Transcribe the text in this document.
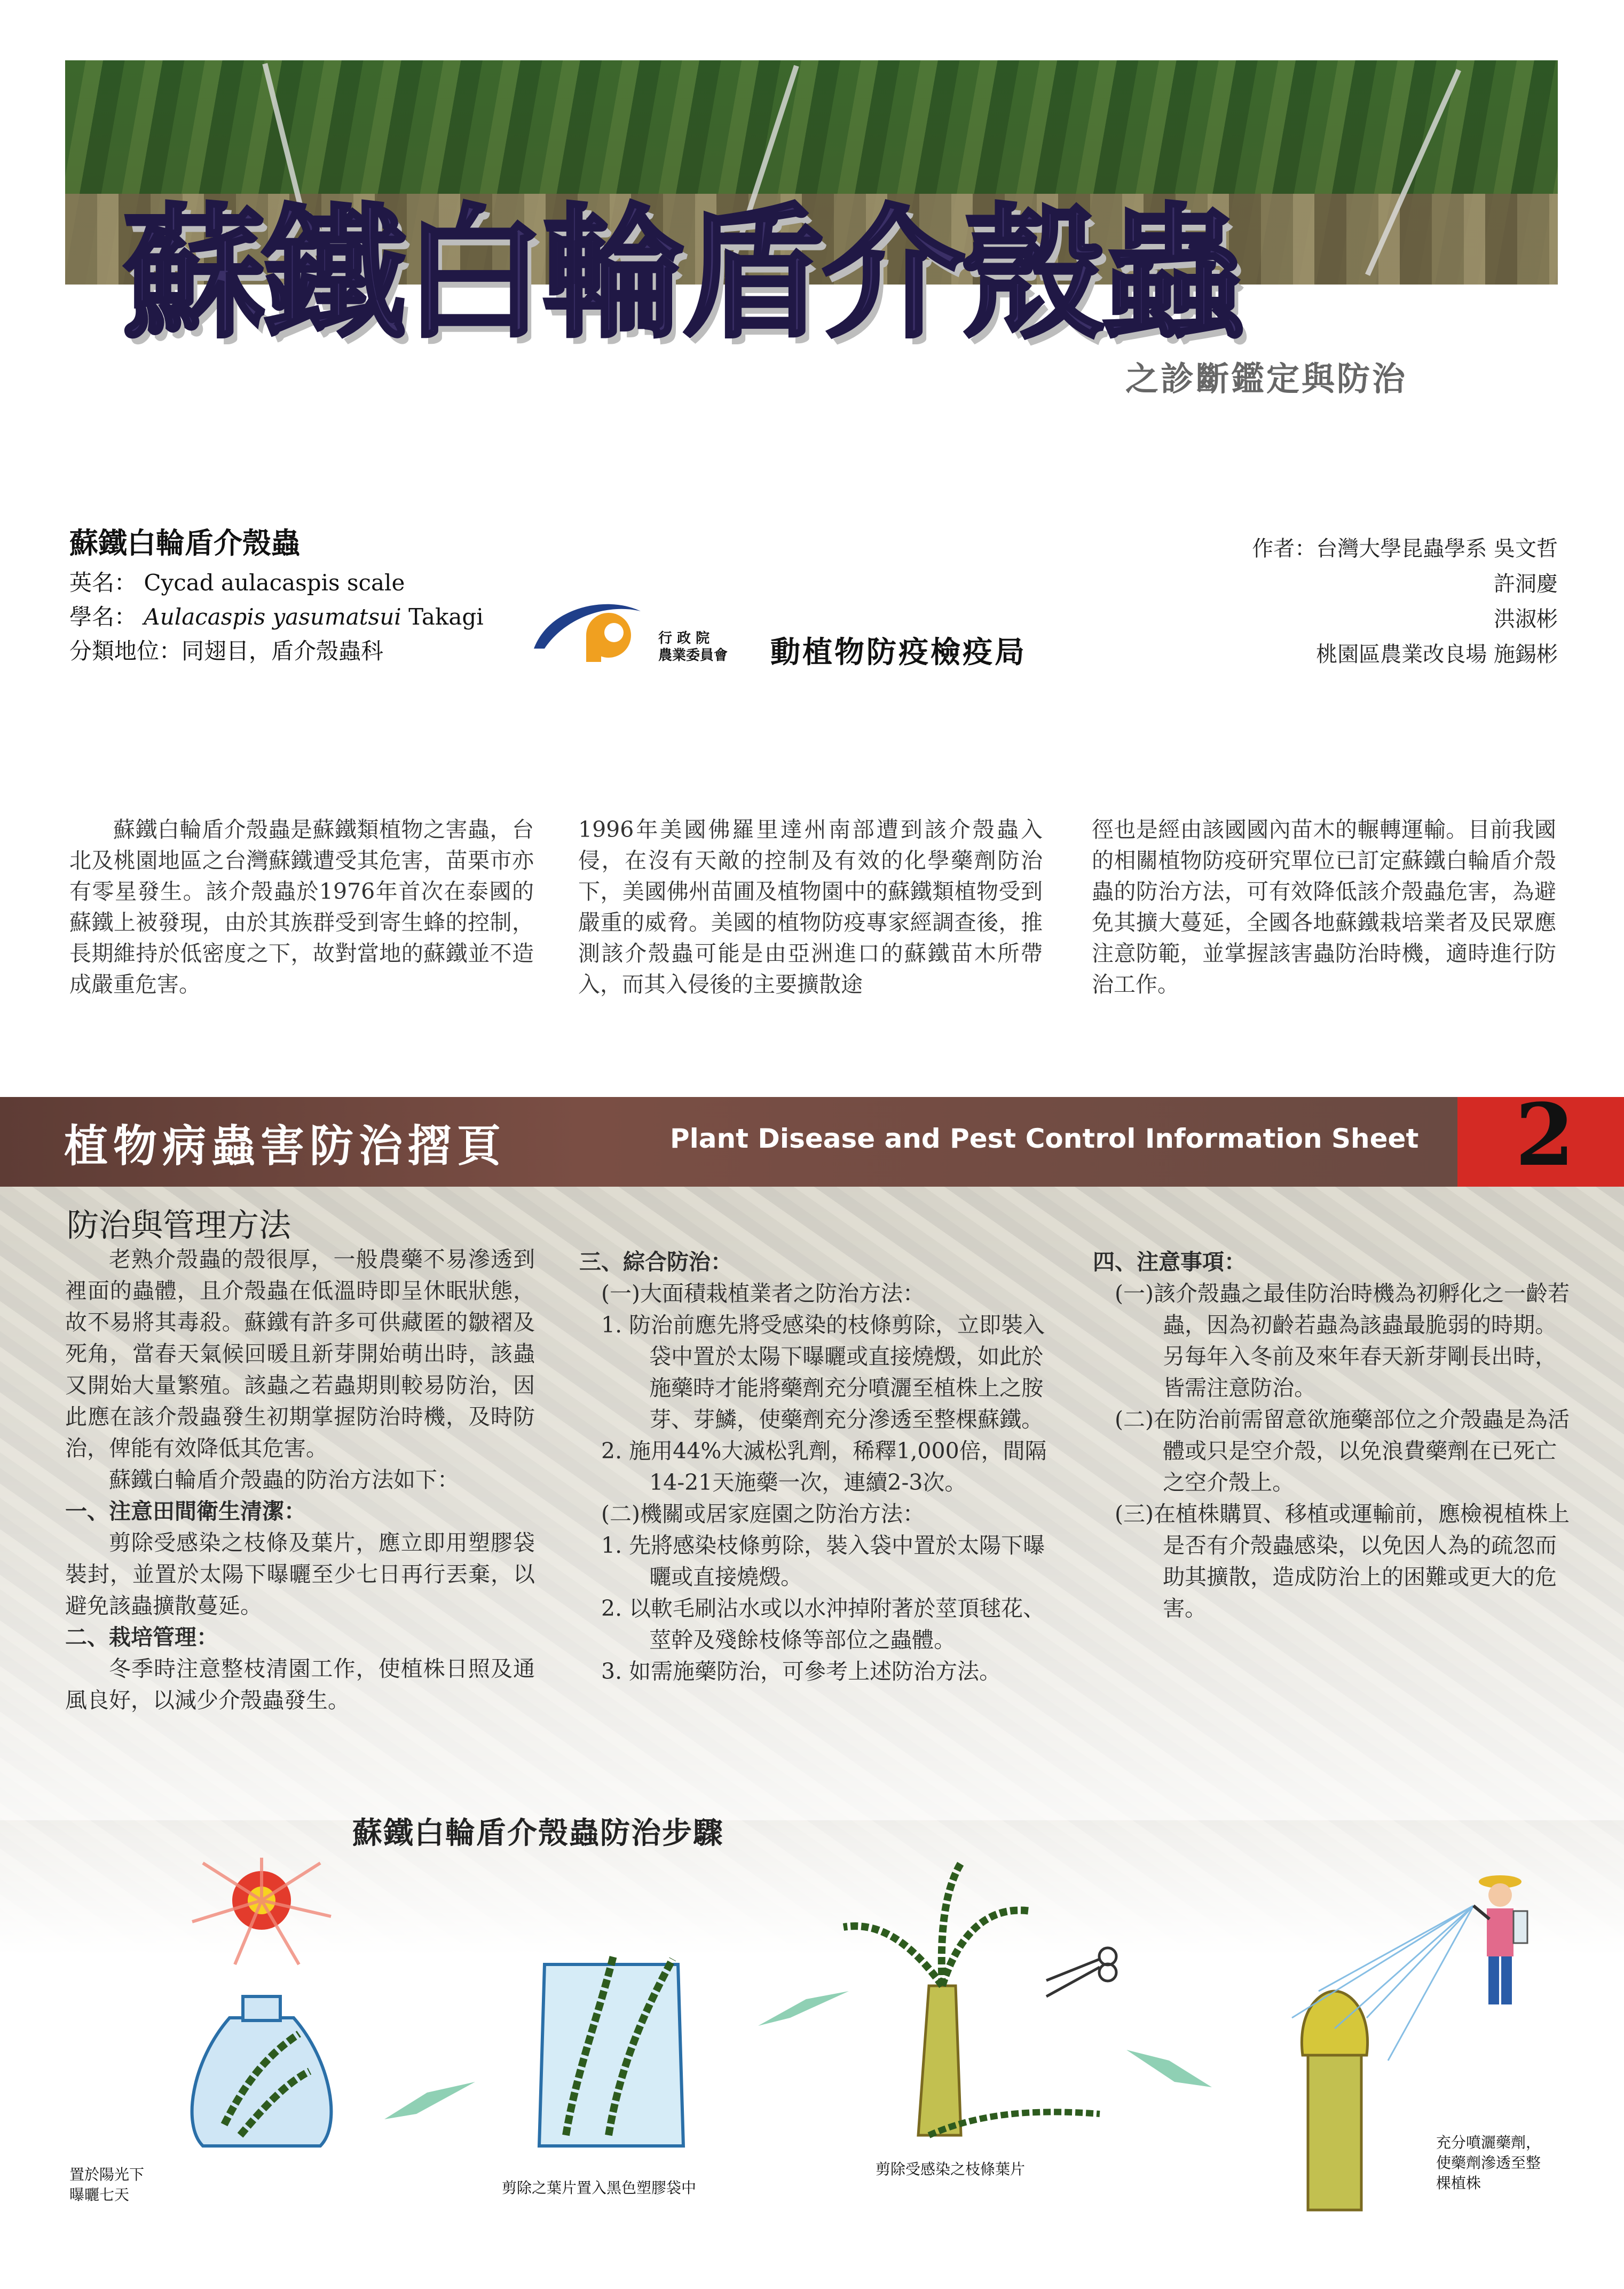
蘇鐵白輪盾介殼蟲
之診斷鑑定與防治
蘇鐵白輪盾介殼蟲
英名： Cycad aulacaspis scale
學名： Aulacaspis yasumatsui Takagi
分類地位：同翅目，盾介殼蟲科	行 政 院
農業委員會 動植物防疫檢疫局
作者：台灣大學昆蟲學系 吳文哲
許洞慶
洪淑彬
桃園區農業改良場 施錫彬
蘇鐵白輪盾介殼蟲是蘇鐵類植物之害蟲，台北及桃園地區之台灣蘇鐵遭受其危害，苗栗市亦有零星發生。該介殼蟲於1976年首次在泰國的蘇鐵上被發現，由於其族群受到寄生蜂的控制，長期維持於低密度之下，故對當地的蘇鐵並不造成嚴重危害。
1996年美國佛羅里達州南部遭到該介殼蟲入侵，在沒有天敵的控制及有效的化學藥劑防治下，美國佛州苗圃及植物園中的蘇鐵類植物受到嚴重的威脅。美國的植物防疫專家經調查後，推測該介殼蟲可能是由亞洲進口的蘇鐵苗木所帶入，而其入侵後的主要擴散途
徑也是經由該國國內苗木的輾轉運輸。目前我國的相關植物防疫研究單位已訂定蘇鐵白輪盾介殼蟲的防治方法，可有效降低該介殼蟲危害，為避免其擴大蔓延，全國各地蘇鐵栽培業者及民眾應注意防範，並掌握該害蟲防治時機，適時進行防治工作。
植物病蟲害防治摺頁	Plant Disease and Pest Control Information Sheet 2
防治與管理方法

老熟介殼蟲的殼很厚，一般農藥不易滲透到裡面的蟲體，且介殼蟲在低溫時即呈休眠狀態，故不易將其毒殺。蘇鐵有許多可供藏匿的皺褶及死角，當春天氣候回暖且新芽開始萌出時，該蟲又開始大量繁殖。該蟲之若蟲期則較易防治，因此應在該介殼蟲發生初期掌握防治時機，及時防治，俾能有效降低其危害。

蘇鐵白輪盾介殼蟲的防治方法如下：

一、注意田間衛生清潔：

剪除受感染之枝條及葉片，應立即用塑膠袋裝封，並置於太陽下曝曬至少七日再行丟棄，以避免該蟲擴散蔓延。

二、栽培管理：

冬季時注意整枝清園工作，使植株日照及通風良好，以減少介殼蟲發生。

三、綜合防治：

(一)大面積栽植業者之防治方法：

1. 防治前應先將受感染的枝條剪除，立即裝入袋中置於太陽下曝曬或直接燒燬，如此於施藥時才能將藥劑充分噴灑至植株上之胺芽、芽鱗，使藥劑充分滲透至整棵蘇鐵。

2. 施用44%大滅松乳劑，稀釋1,000倍，間隔14-21天施藥一次，連續2-3次。

(二)機關或居家庭園之防治方法：

1. 先將感染枝條剪除，裝入袋中置於太陽下曝曬或直接燒燬。

2. 以軟毛刷沾水或以水沖掉附著於莖頂毬花、莖幹及殘餘枝條等部位之蟲體。

3. 如需施藥防治，可參考上述防治方法。

四、注意事項：

(一)該介殼蟲之最佳防治時機為初孵化之一齡若蟲，因為初齡若蟲為該蟲最脆弱的時期。另每年入冬前及來年春天新芽剛長出時，皆需注意防治。

(二)在防治前需留意欲施藥部位之介殼蟲是為活體或只是空介殼，以免浪費藥劑在已死亡之空介殼上。

(三)在植株購買、移植或運輸前，應檢視植株上是否有介殼蟲感染，以免因人為的疏忽而助其擴散，造成防治上的困難或更大的危害。

蘇鐵白輪盾介殼蟲防治步驟
置於陽光下
曝曬七天	剪除之葉片置入黑色塑膠袋中
剪除受感染之枝條葉片
充分噴灑藥劑，
使藥劑滲透至整
棵植株
